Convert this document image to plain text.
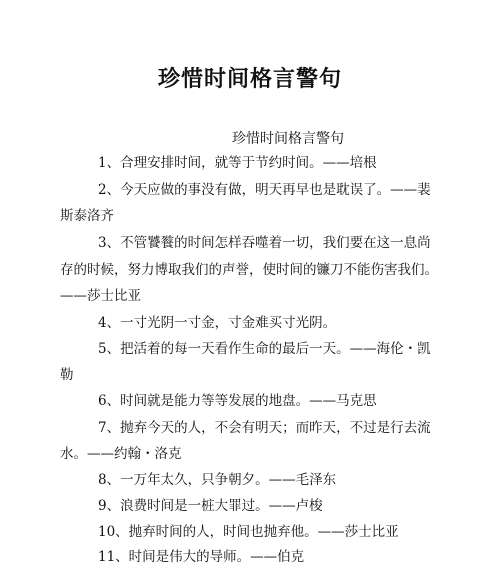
珍惜时间格言警句
珍惜时间格言警句
1、合理安排时间，就等于节约时间。——培根
2、今天应做的事没有做，明天再早也是耽误了。——裴
斯泰洛齐
3、不管饕餮的时间怎样吞噬着一切，我们要在这一息尚
存的时候，努力博取我们的声誉，使时间的镰刀不能伤害我们。
——莎士比亚
4、一寸光阴一寸金，寸金难买寸光阴。
5、把活着的每一天看作生命的最后一天。——海伦・凯
勒
6、时间就是能力等等发展的地盘。——马克思
7、抛弃今天的人，不会有明天；而昨天，不过是行去流
水。——约翰・洛克
8、一万年太久，只争朝夕。——毛泽东
9、浪费时间是一桩大罪过。——卢梭
10、抛弃时间的人，时间也抛弃他。——莎士比亚
11、时间是伟大的导师。——伯克
